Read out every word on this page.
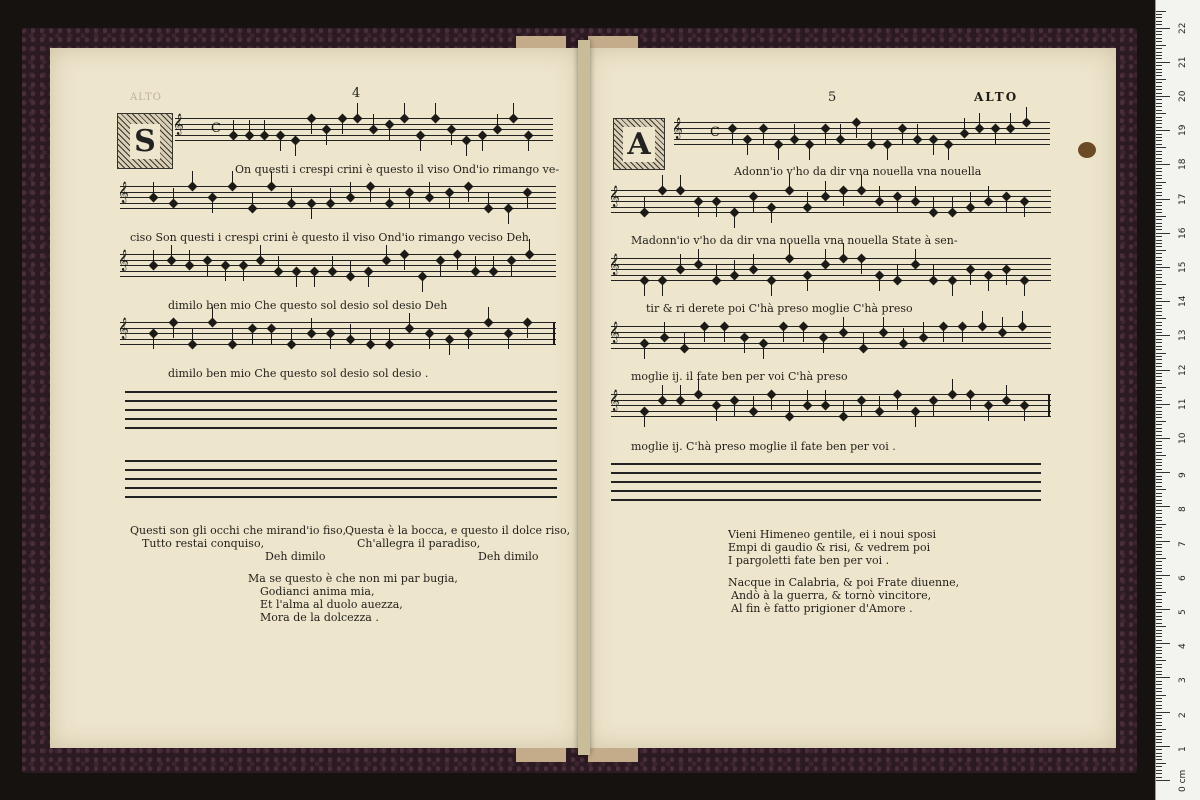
ALTO	4
S 𝄞 C
𝄞
𝄞
𝄞
On questi i crespi crini è questo il viso Ond'io rimango ve-
ciso Son questi i crespi crini è questo il viso Ond'io rimango veciso Deh
dimilo ben mio Che questo sol desio sol desio Deh
dimilo ben mio Che questo sol desio sol desio .
Questi son gli occhi che mirand'io fiso,
Tutto restai conquiso,
Deh dimilo
Questa è la bocca, e questo il dolce riso,
Ch'allegra il paradiso,
Deh dimilo
Ma se questo è che non mi par bugia,
Godianci anima mia,
Et l'alma al duolo auezza,
Mora de la dolcezza .
5	ALTO
A 𝄞 C
𝄞
𝄞
𝄞
𝄞
Adonn'io v'ho da dir vna nouella vna nouella
Madonn'io v'ho da dir vna nouella vna nouella State à sen-
tir & ri derete poi C'hà preso moglie C'hà preso
moglie ij. il fate ben per voi C'hà preso
moglie ij. C'hà preso moglie il fate ben per voi .
Vieni Himeneo gentile, ei i noui sposi
Empi di gaudio & risi, & vedrem poi
I pargoletti fate ben per voi .
Nacque in Calabria, & poi Frate diuenne,
Andò à la guerra, & tornò vincitore,
Al fin è fatto prigioner d'Amore .
1
2
3
4
5
6
7
8
9
10
11
12
13
14
15
16
17
18
19
20
21
22
0 cm
